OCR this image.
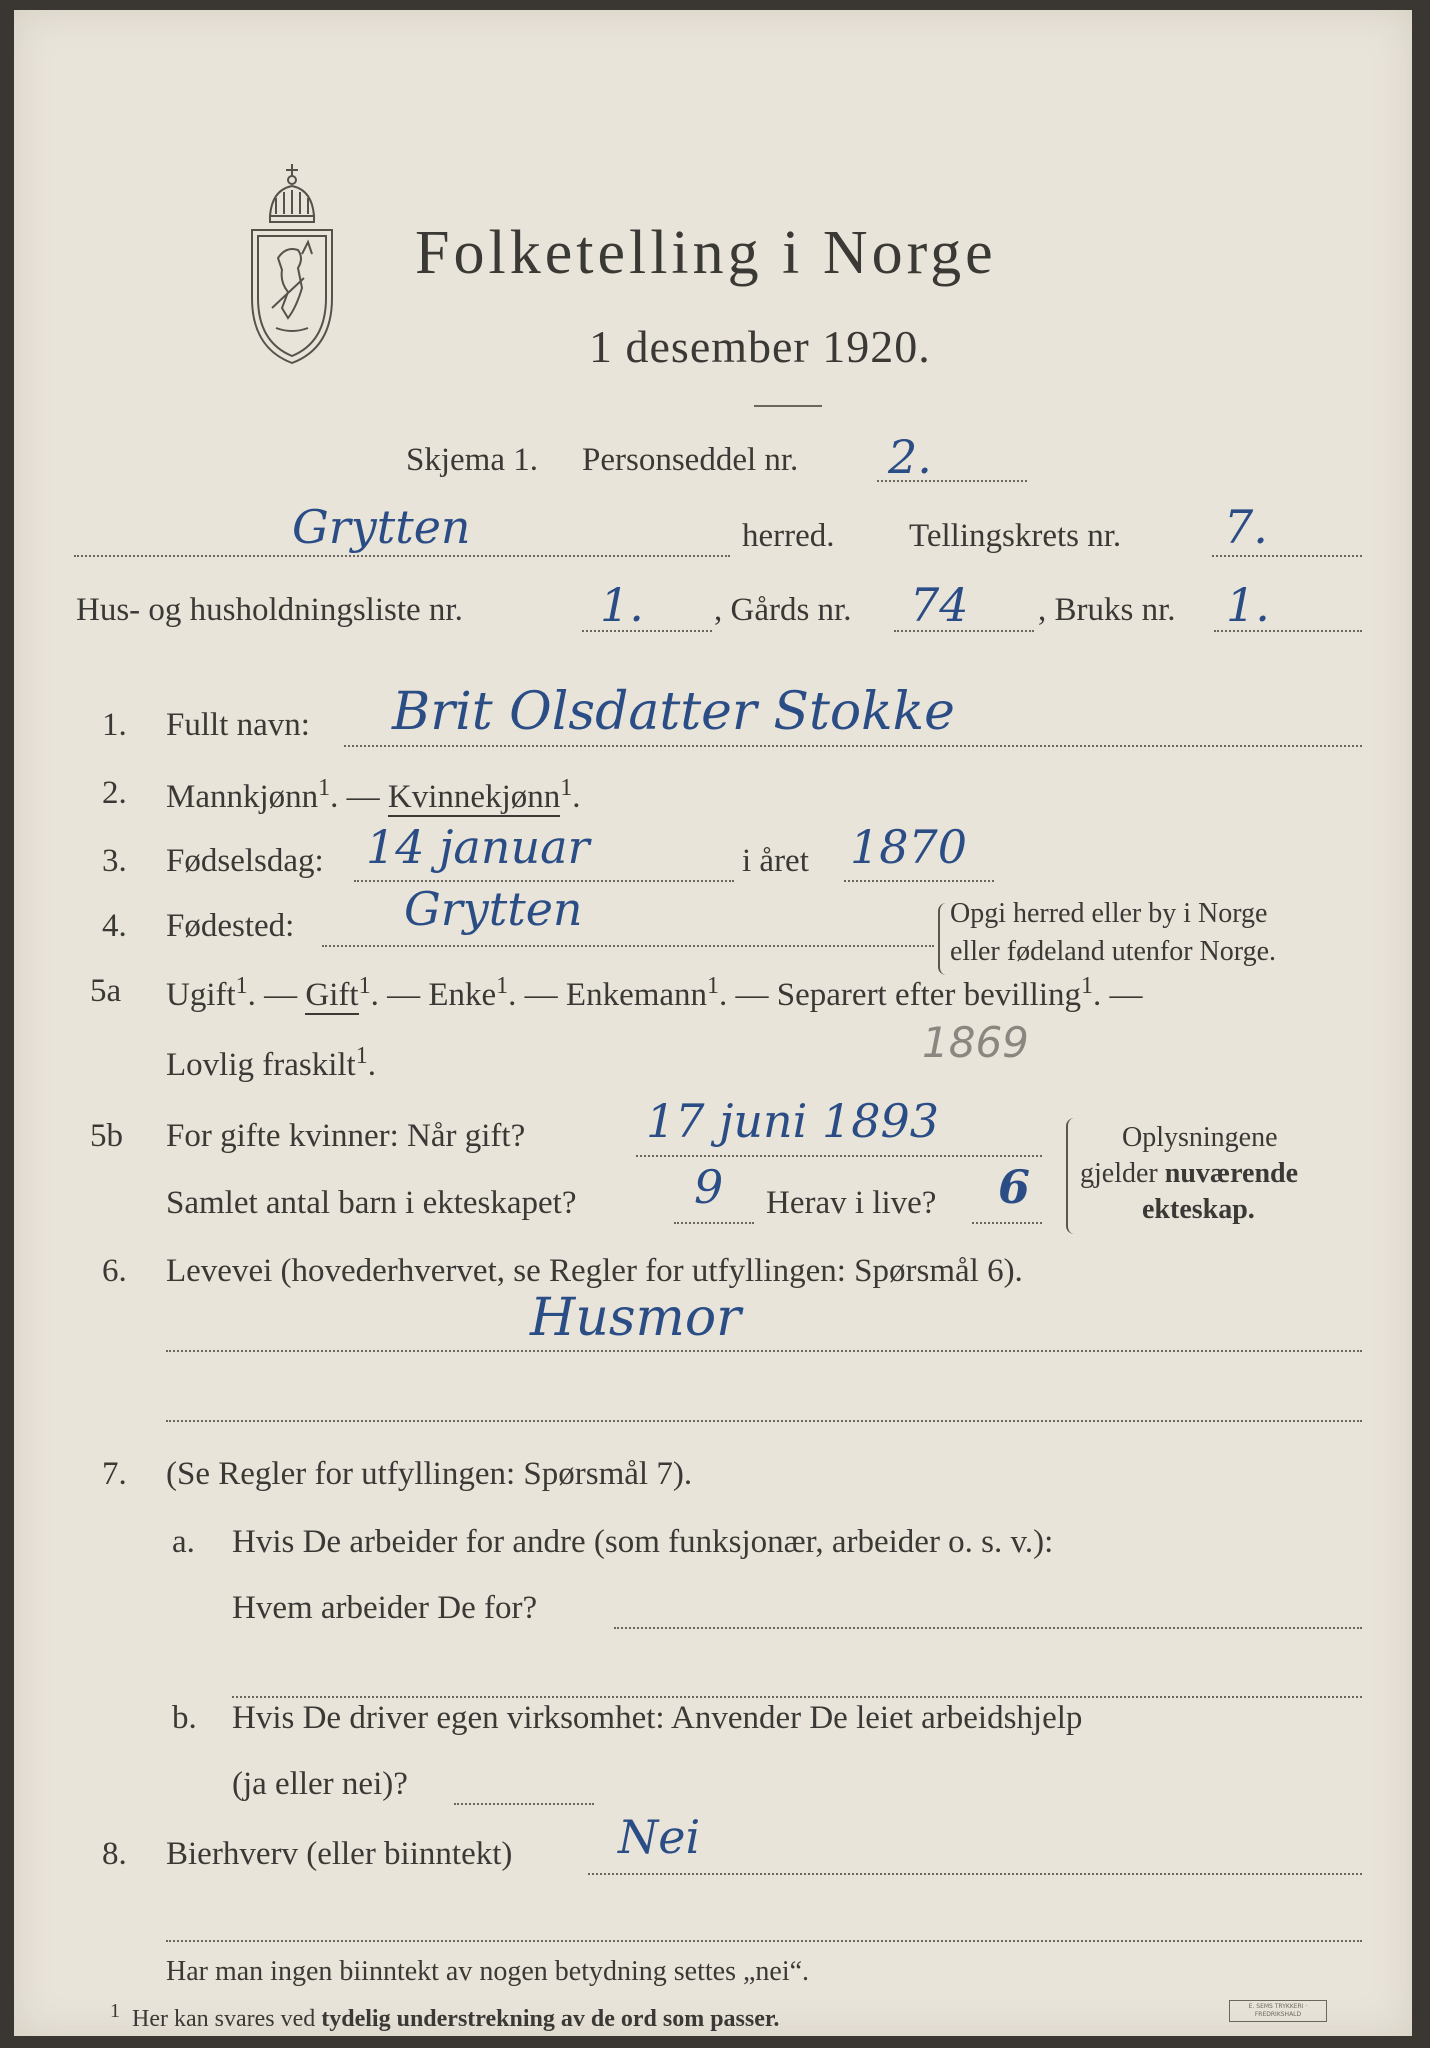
Folketelling i Norge
1 desember 1920.
Skjema 1. Personseddel nr. 2.
Grytten	herred. Tellingskrets nr. 7.
Hus- og husholdningsliste nr.	1. , Gårds nr. 74 , Bruks nr. 1.
1. Fullt navn: Brit Olsdatter Stokke
2. Mannkjønn$^1$. — Kvinnekjønn$^1$.
3. Fødselsdag: 14 januar	i året 1870
4. Fødested: Grytten	Opgi herred eller by i Norge
eller fødeland utenfor Norge.
5a Ugift$^1$. — Gift$^1$. — Enke$^1$. — Enkemann$^1$. — Separert efter bevilling$^1$. —
Lovlig fraskilt$^1$.	1869
5b For gifte kvinner: Når gift?	17 juni 1893
Samlet antal barn i ekteskapet?	9 Herav i live? 6
Oplysningene
gjelder nuværende
ekteskap.
6. Levevei (hovederhvervet, se Regler for utfyllingen: Spørsmål 6).
Husmor
7. (Se Regler for utfyllingen: Spørsmål 7).
a. Hvis De arbeider for andre (som funksjonær, arbeider o. s. v.):
Hvem arbeider De for?
b. Hvis De driver egen virksomhet: Anvender De leiet arbeidshjelp
(ja eller nei)?
8. Bierhverv (eller biinntekt) Nei
Har man ingen biinntekt av nogen betydning settes „nei“.
$^1$ Her kan svares ved tydelig understrekning av de ord som passer.	E. SEMS TRYKKERI · FREDRIKSHALD
